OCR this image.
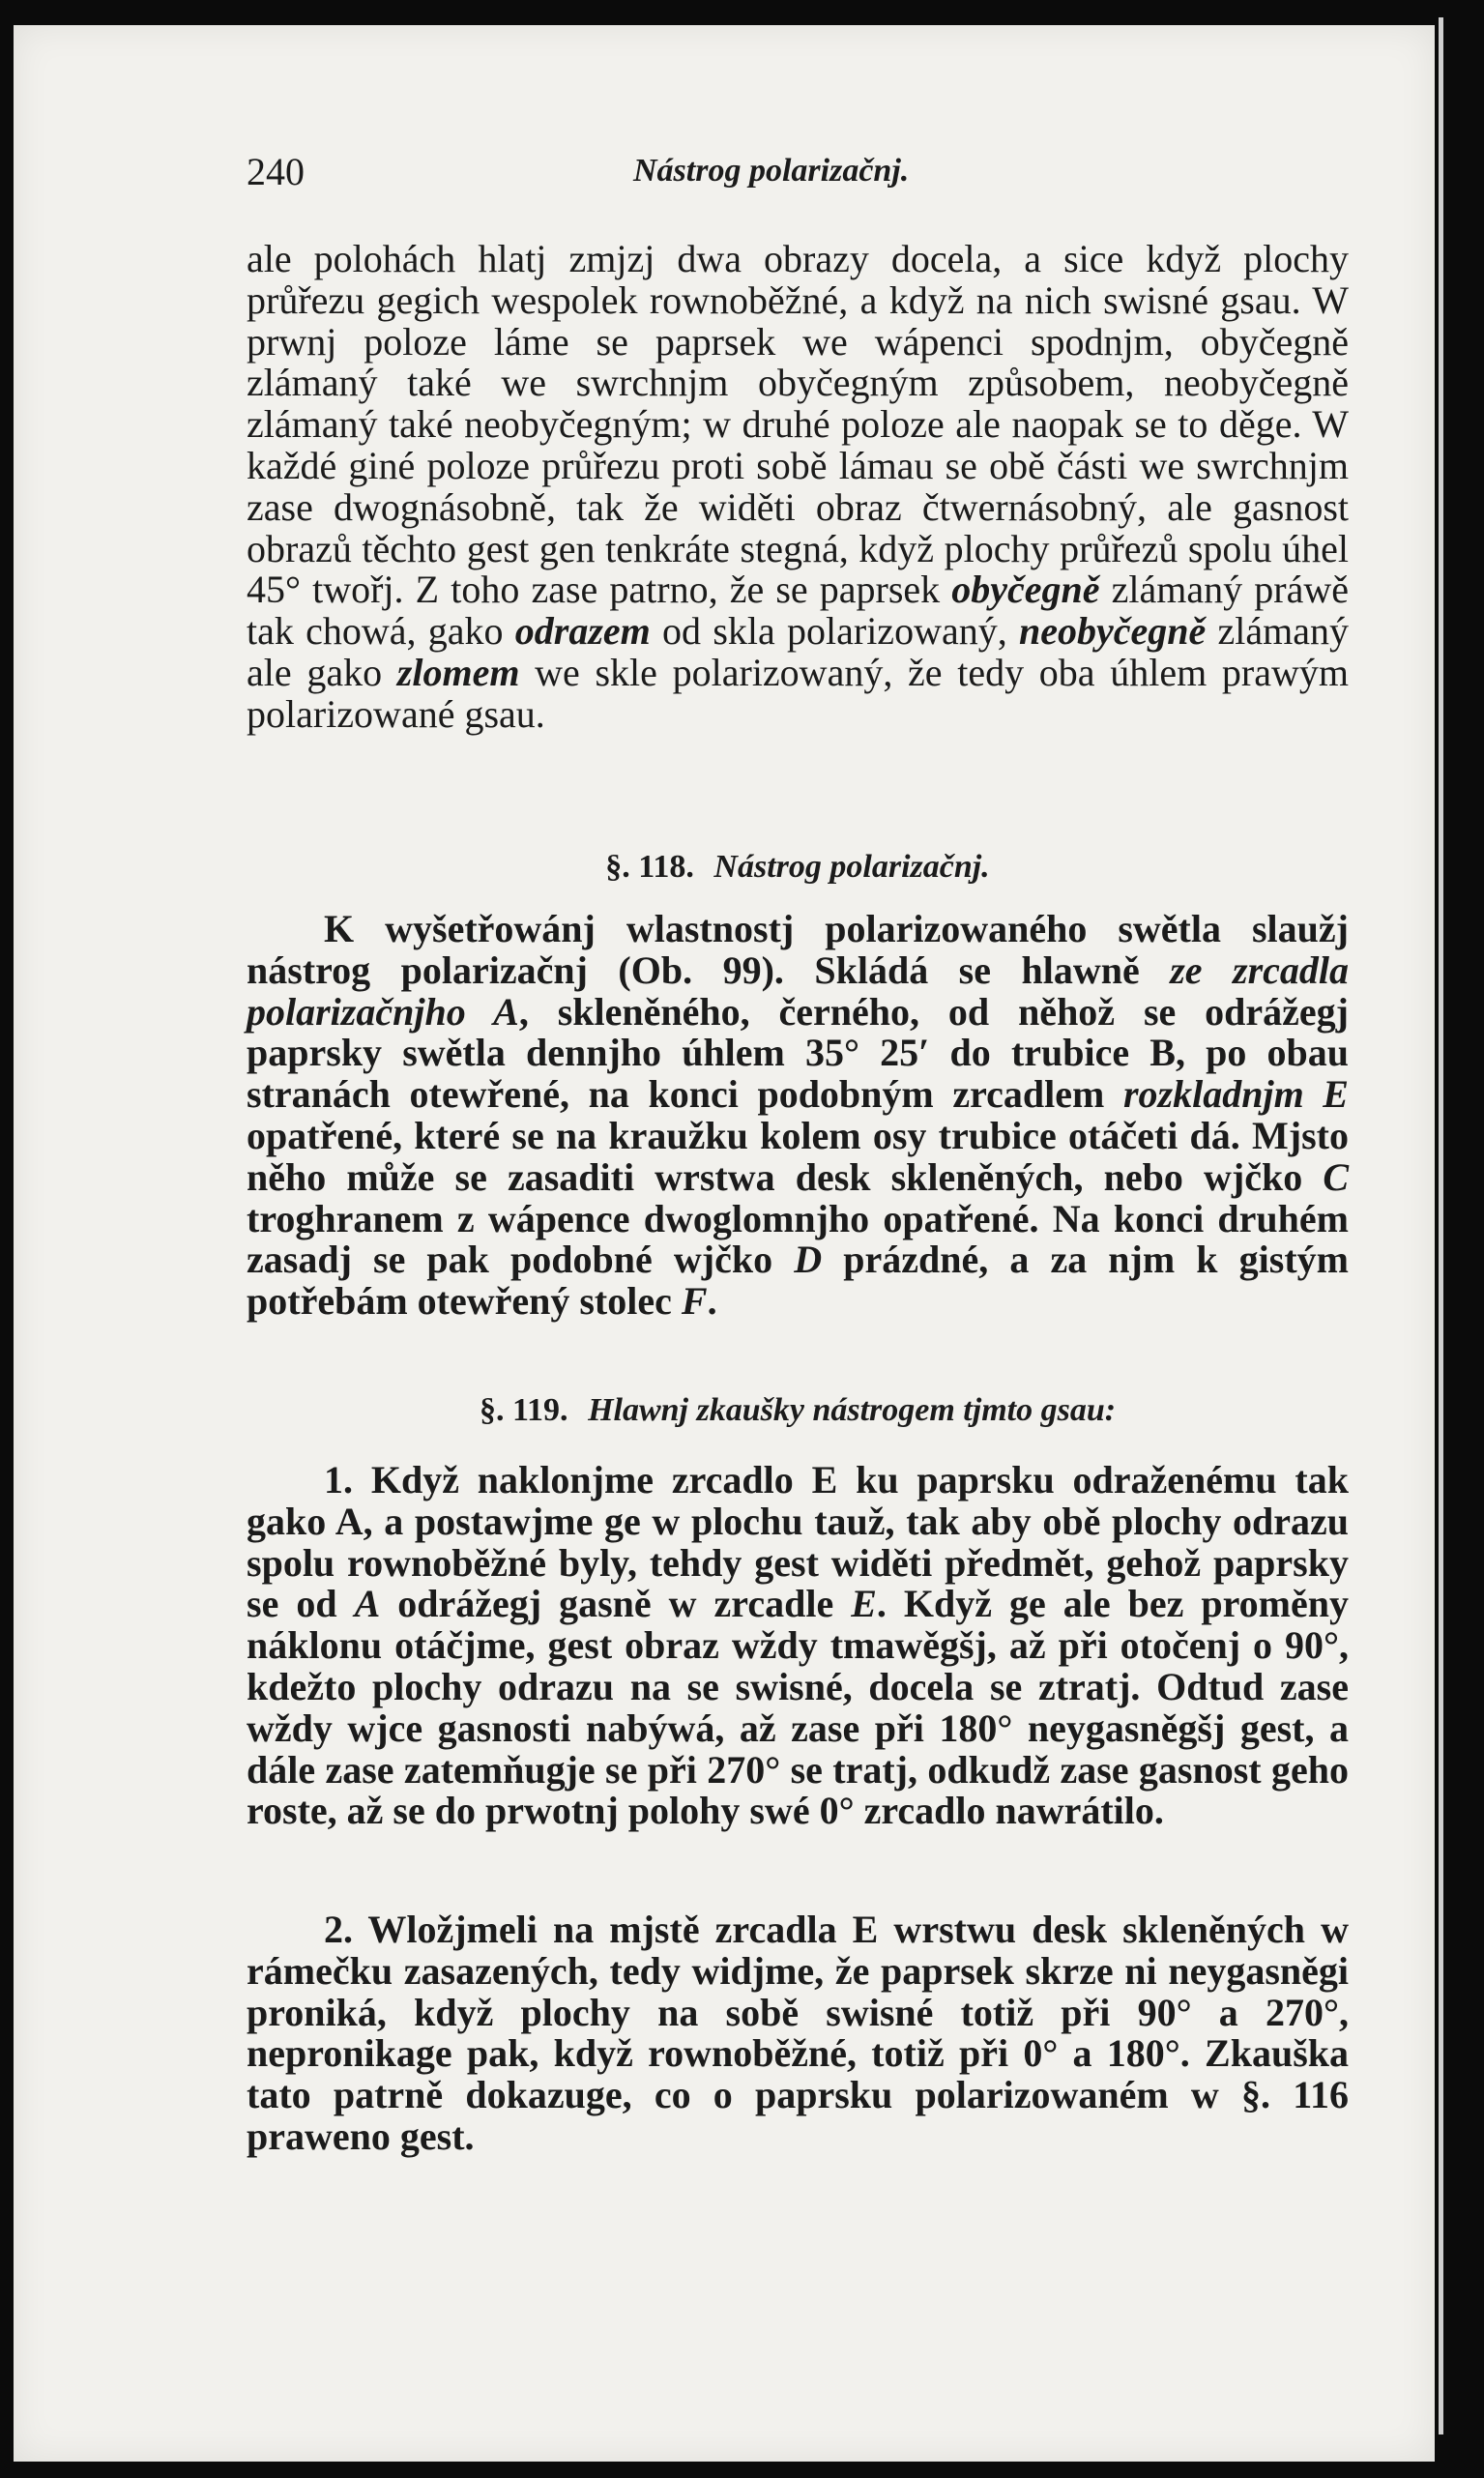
240	Nástrog polarizačnj.

ale polohách hlatj zmjzj dwa obrazy docela, a sice když plochy průřezu gegich wespolek rownoběžné, a když na nich swisné gsau. W prwnj poloze láme se paprsek we wápenci spodnjm, obyčegně zlámaný také we swrchnjm obyčegným způsobem, neobyčegně zlámaný také neobyčegným; w druhé poloze ale naopak se to děge. W každé giné poloze průřezu proti sobě lámau se obě části we swrchnjm zase dwognásobně, tak že widěti obraz čtwernásobný, ale gasnost obrazů těchto gest gen tenkráte stegná, když plochy průřezů spolu úhel 45° twořj. Z toho zase patrno, že se paprsek obyčegně zlámaný práwě tak chowá, gako odrazem od skla polarizowaný, neobyčegně zlámaný ale gako zlomem we skle polarizowaný, že tedy oba úhlem prawým polarizowané gsau.

§. 118. Nástrog polarizačnj.

K wyšetřowánj wlastnostj polarizowaného swětla slaužj nástrog polarizačnj (Ob. 99). Skládá se hlawně ze zrcadla polarizačnjho A, skleněného, černého, od něhož se odrážegj paprsky swětla dennjho úhlem 35° 25′ do trubice B, po obau stranách otewřené, na konci podobným zrcadlem rozkladnjm E opatřené, které se na kraužku kolem osy trubice otáčeti dá. Mjsto něho může se zasaditi wrstwa desk skleněných, nebo wjčko C troghranem z wápence dwoglomnjho opatřené. Na konci druhém zasadj se pak podobné wjčko D prázdné, a za njm k gistým potřebám otewřený stolec F.

§. 119. Hlawnj zkaušky nástrogem tjmto gsau:

1. Když naklonjme zrcadlo E ku paprsku odraženému tak gako A, a postawjme ge w plochu tauž, tak aby obě plochy odrazu spolu rownoběžné byly, tehdy gest widěti předmět, gehož paprsky se od A odrážegj gasně w zrcadle E. Když ge ale bez proměny náklonu otáčjme, gest obraz wždy tmawěgšj, až při otočenj o 90°, kdežto plochy odrazu na se swisné, docela se ztratj. Odtud zase wždy wjce gasnosti nabýwá, až zase při 180° neygasněgšj gest, a dále zase zatemňugje se při 270° se tratj, odkudž zase gasnost geho roste, až se do prwotnj polohy swé 0° zrcadlo nawrátilo.

2. Wložjmeli na mjstě zrcadla E wrstwu desk skleněných w rámečku zasazených, tedy widjme, že paprsek skrze ni neygasněgi proniká, když plochy na sobě swisné totiž při 90° a 270°, nepronikage pak, když rownoběžné, totiž při 0° a 180°. Zkauška tato patrně dokazuge, co o paprsku polarizowaném w §. 116 praweno gest.
